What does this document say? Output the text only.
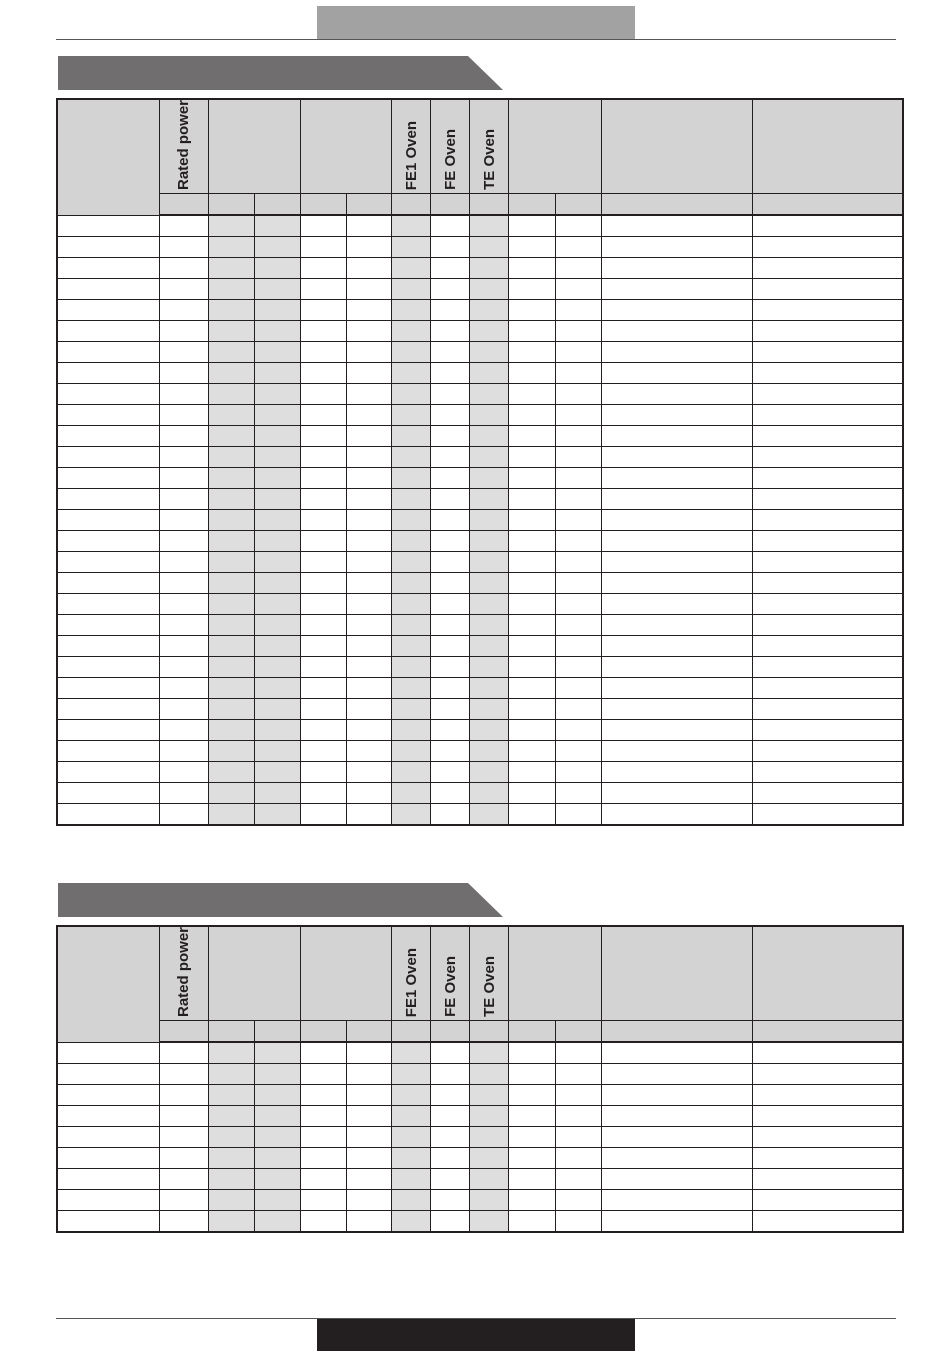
	Rated power					FE1 Oven	FE Oven	TE Oven				

	Rated power					FE1 Oven	FE Oven	TE Oven				
